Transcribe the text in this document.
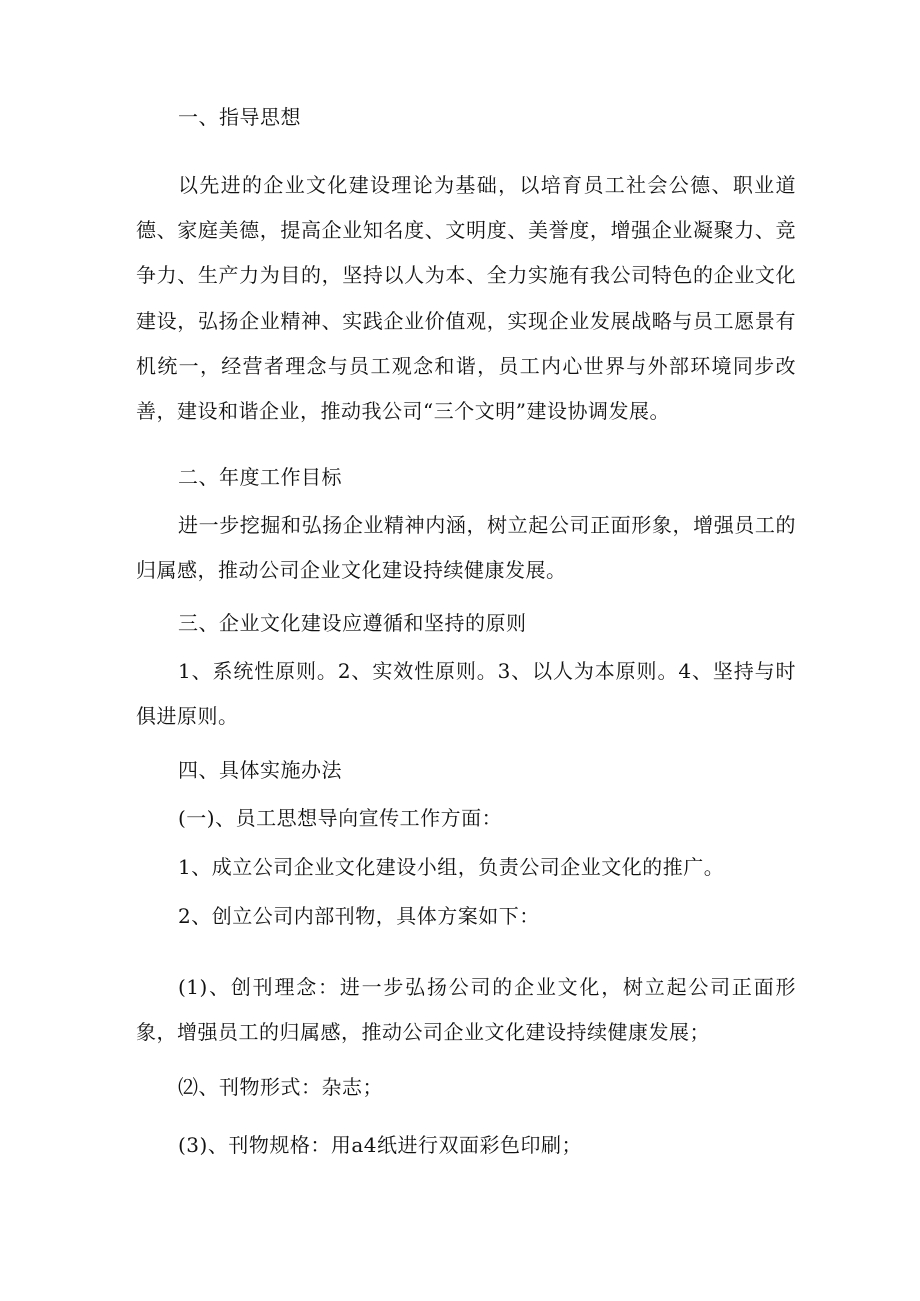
一、指导思想

以先进的企业文化建设理论为基础，以培育员工社会公德、职业道德、家庭美德，提高企业知名度、文明度、美誉度，增强企业凝聚力、竞争力、生产力为目的，坚持以人为本、全力实施有我公司特色的企业文化建设，弘扬企业精神、实践企业价值观，实现企业发展战略与员工愿景有机统一，经营者理念与员工观念和谐，员工内心世界与外部环境同步改善，建设和谐企业，推动我公司“三个文明”建设协调发展。

二、年度工作目标

进一步挖掘和弘扬企业精神内涵，树立起公司正面形象，增强员工的归属感，推动公司企业文化建设持续健康发展。

三、企业文化建设应遵循和坚持的原则

1、系统性原则。2、实效性原则。3、以人为本原则。4、坚持与时俱进原则。

四、具体实施办法

(一)、员工思想导向宣传工作方面：

1、成立公司企业文化建设小组，负责公司企业文化的推广。

2、创立公司内部刊物，具体方案如下：

(1)、创刊理念：进一步弘扬公司的企业文化，树立起公司正面形象，增强员工的归属感，推动公司企业文化建设持续健康发展；

⑵、刊物形式：杂志；

(3)、刊物规格：用a4纸进行双面彩色印刷；
